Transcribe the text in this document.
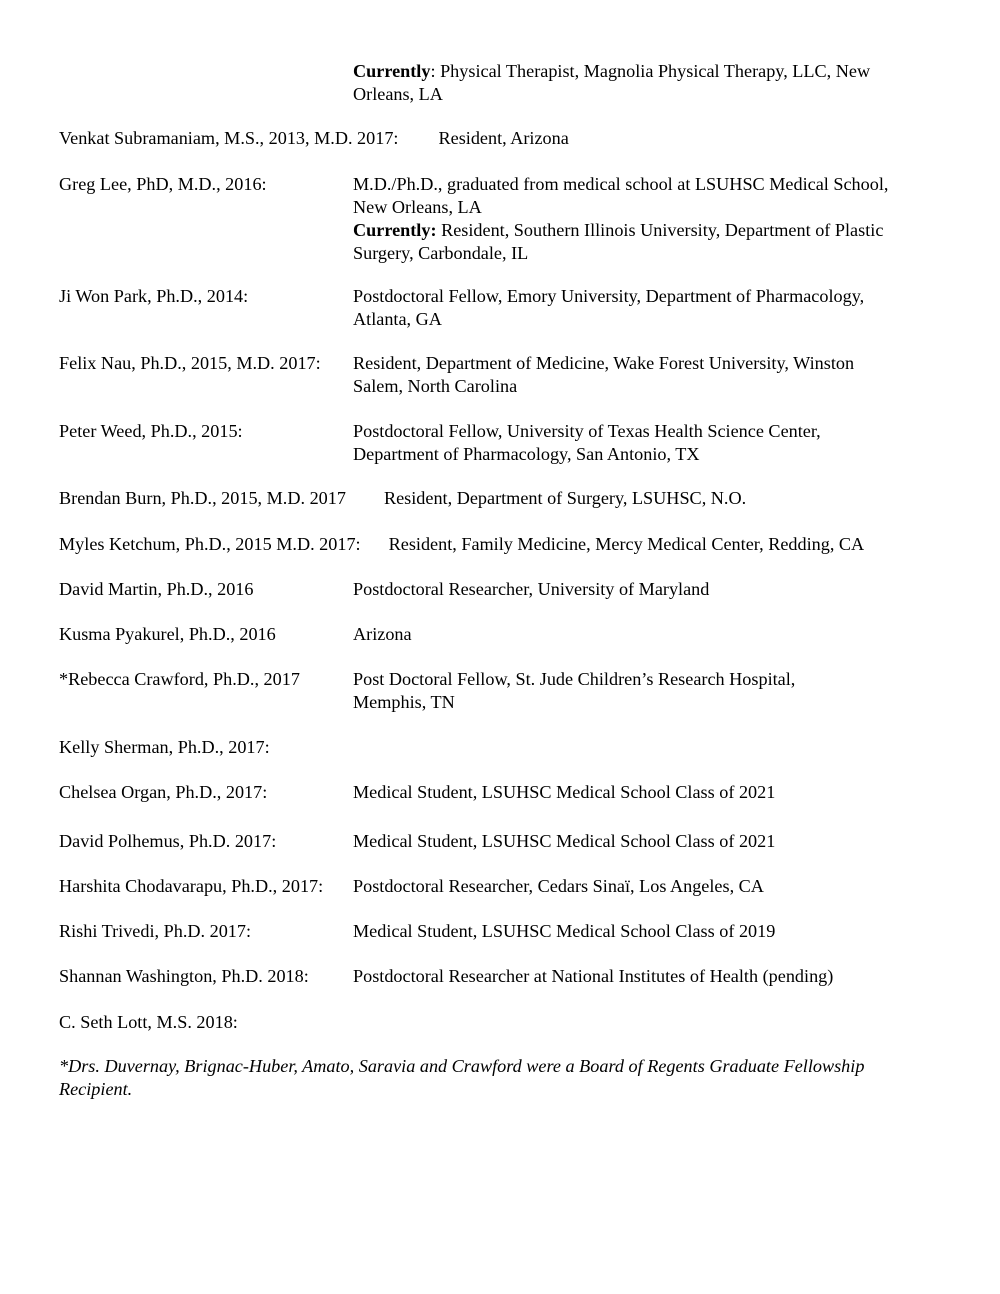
Currently: Physical Therapist, Magnolia Physical Therapy, LLC, New
Orleans, LA
Venkat Subramaniam, M.S., 2013, M.D. 2017: Resident, Arizona
Greg Lee, PhD, M.D., 2016:	M.D./Ph.D., graduated from medical school at LSUHSC Medical School,
New Orleans, LA
Currently: Resident, Southern Illinois University, Department of Plastic
Surgery, Carbondale, IL
Ji Won Park, Ph.D., 2014:	Postdoctoral Fellow, Emory University, Department of Pharmacology,
Atlanta, GA
Felix Nau, Ph.D., 2015, M.D. 2017: Resident, Department of Medicine, Wake Forest University, Winston
Salem, North Carolina
Peter Weed, Ph.D., 2015:	Postdoctoral Fellow, University of Texas Health Science Center,
Department of Pharmacology, San Antonio, TX
Brendan Burn, Ph.D., 2015, M.D. 2017 Resident, Department of Surgery, LSUHSC, N.O.
Myles Ketchum, Ph.D., 2015 M.D. 2017: Resident, Family Medicine, Mercy Medical Center, Redding, CA
David Martin, Ph.D., 2016	Postdoctoral Researcher, University of Maryland
Kusma Pyakurel, Ph.D., 2016	Arizona
*Rebecca Crawford, Ph.D., 2017	Post Doctoral Fellow, St. Jude Children’s Research Hospital,
Memphis, TN
Kelly Sherman, Ph.D., 2017:
Chelsea Organ, Ph.D., 2017:	Medical Student, LSUHSC Medical School Class of 2021
David Polhemus, Ph.D. 2017:	Medical Student, LSUHSC Medical School Class of 2021
Harshita Chodavarapu, Ph.D., 2017: Postdoctoral Researcher, Cedars Sinaï, Los Angeles, CA
Rishi Trivedi, Ph.D. 2017:	Medical Student, LSUHSC Medical School Class of 2019
Shannan Washington, Ph.D. 2018: Postdoctoral Researcher at National Institutes of Health (pending)
C. Seth Lott, M.S. 2018:
*Drs. Duvernay, Brignac-Huber, Amato, Saravia and Crawford were a Board of Regents Graduate Fellowship
Recipient.
